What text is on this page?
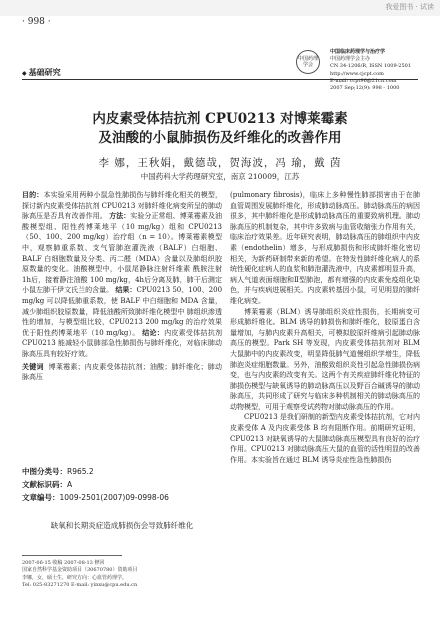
我爱图书 · 试读
· 998 ·
中国药理学会
中国临床药理学与治疗学
中国药理学会主办
CN 34-1206/R, ISSN 1009-2501
http://www.cjcpt.com
E-mail: ccpt96@21cn.com
2007 Sep;12(9): 998 - 1000
◆ 基础研究
内皮素受体拮抗剂 CPU0213 对博莱霉素
及油酸的小鼠肺损伤及纤维化的改善作用
李 娜，王秋娟，戴德哉，贺海波，冯 瑜，戴 茵
中国药科大学药理研究室，南京 210009，江苏
目的：本实验采用两种小鼠急性肺损伤与肺纤维化相关的模型，探讨新内皮素受体拮抗剂 CPU0213 对肺纤维化病变所呈的肺动脉高压是否具有改善作用。 方法：实验分正常组、博莱霉素及油酸模型组、阳性药博莱地平（10 mg/kg）组和 CPU0213（50、100、200 mg/kg）治疗组（n = 10）。博莱霉素模型中，观察肺重系数、支气管肺泡灌洗液（BALF）白细胞、BALF 白细胞数量及分类、丙二醛（MDA）含量以及肺组织胶原数量的变化。油酸模型中，小鼠尾静脉注射纤维素 酰胺注射 1h后，接着静注油酸 100 mg/kg，4h后分离及肺，肺干后测定小鼠左肺干伊文氏兰的含量。 结果：CPU0213 50、100、200 mg/kg 可以降低肺重系数，使 BALF 中白细胞和 MDA 含量，减少肺组织胶原数量，降低油酸所致肺纤维化模型中 肺组织渗透性的增加，与模型组比较，CPU0213 200 mg/kg 的治疗效果优于阳性药博莱地平（10 mg/kg）。 结论：内皮素受体拮抗剂 CPU0213 能减轻小鼠肺部急性肺损伤与肺纤维化，对临床肺动脉高压具有较好疗效。
关键词 博莱霉素；内皮素受体拮抗剂；油酸；肺纤维化；肺动脉高压
中图分类号：R965.2
文献标识码：A
文章编号：1009-2501(2007)09-0998-06
缺氧和长期炎症造成肺损伤会导致肺纤维化
2007-06-15 收稿 2007-08-13 修回
国家自然科学基金资助项目（30670780）资助项目
李娜，女，硕士生，研究方向：心血管药理学。
Tel: 025-83271270 E-mail: yinxu@cpu.edu.cn

(pulmonary fibrosis)，临床上多种慢性肺部损害由于在肺血管周围发展肺纤维化，形成肺动脉高压。肺动脉高压的病因很多，其中肺纤维化是形成肺动脉高压的重要致病机理。肺动脉高压的机制复杂，其中许多致病与血管收缩张力作用有关，临床治疗效果差。近年研究表明，肺动脉高压的肺组织中内皮素（endothelin）增多，与形成肺损伤和形成肺纤维化密切相关，为新药研制带来新的希望。在特发性肺纤维化病人的系统性硬化症病人的血浆和肺泡灌洗液中，内皮素都明显升高，病人气道表面细胞和Ⅱ型肺泡，都有增强的内皮素免疫组化染色，并与疾病进展相关。内皮素转基因小鼠，可见明显的肺纤维化病变。

博莱霉素（BLM）诱导肺组织炎症性损伤，长期病变可形成肺纤维化。BLM 诱导的肺损伤和肺纤维化，胶原蛋白含量增加，与肺内皮素升高相关，可模拟胶原纤维病引起肺动脉高压的模型。Park SH 等发现，内皮素受体拮抗剂对 BLM 大鼠肺中的内皮素改变，明显降低肺气道慢组织学增生，降低肺泡炎症细胞数量。另外，油酸致组织炎性引起急性肺损伤病变，也与内皮素的改变有关。这两个有关疾症肺纤维化特征的肺损伤模型与缺氧诱导的肺动脉高压以及野百合碱诱导的肺动脉高压，共同形成了研究与临床多种机制相关的肺动脉高压的动物模型，可用于观察受试药物对肺动脉高压的作用。

CPU0213 是我们研制的新型内皮素受体拮抗剂，它对内皮素受体 A 及内皮素受体 B 均有阻断作用。前期研究证明，CPU0213 对缺氧诱导的大鼠肺动脉高压模型具有良好的治疗作用。CPU0213 对肺动脉高压大鼠的血管的活性明显的改善作用。本实验旨在通过 BLM 诱导炎症性急性肺损伤
